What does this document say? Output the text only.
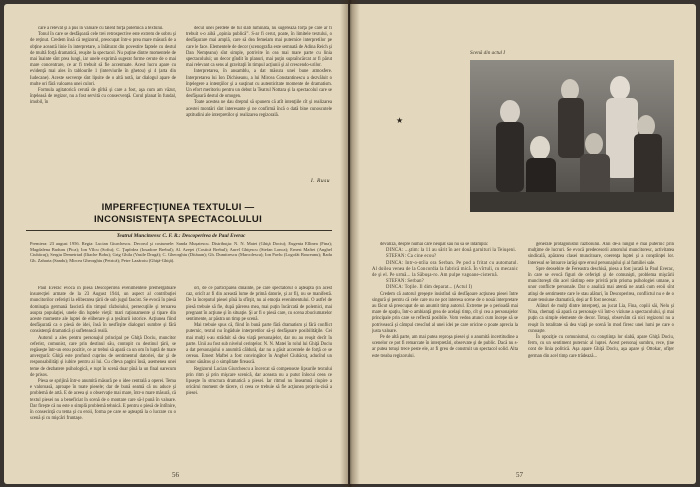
care a relevat şi a pus în valoare cu talent forţa polemică a textului.

Tonul în care se desfăşoară cele trei retrospective este extrem de sobru şi de reţinut. Credem însă că regizorul, preocupat într-o prea mare măsură de a obţine această linie în interpretare, a înlăturat din povestire faptele cu destul de multă forţă dramatică, reuşite la spectacol. Nu puţine dintre momentele de mai înainte sînt prea lungi, iar unele exprimă sugerat forme cerute de o mai mare concentrare, ce ar fi trebuit să fie accentuate. Acest lucru apare cu evidenţă mai ales în tablourile 1 (interviurile în ghetou) şi 4 (arta din Iudecane). Aceste secvenţe sînt lipsite de o altă notă, iar dialogul apare de multe ori fără valoarea unei culori.

Formula agitatorică cerută de gîrbă şi care a fost, aşa cum am văzut, înţeleasă de regizor, nu a fost servită cu consecvenţă. Corul planat în fundal, imobil, în

decul unei perdele de tul slab luminată, nu sugerează forţa pe care ar fi trebuit s-o aibă „opinia publică”. S-ar fi cerut, poate, în limitele textului, o desfăşurare mai amplă, care să dea femeiam mai puternice interpretilor pe care le face. Elementele de decor (scenografia este semnată de Adina Reich şi Dan Nemţeanu) sînt simple, potrivite în cea mai mare parte cu linia spectacolului; un decor gîndit în planuri, mai puţin supraîncărcat ar fi părut mai relevant ca sens al gravitaţii în timpul acţiunii şi al crescendo-urilor.

Interpretarea, în ansamblu, a dat măsura unei bune atmosfere. Interpretarea lui Ion Dichiseanu, a lui Mircea Constantinescu a dezvăluit o înţelegere a intenţiilor şi a susţinut cu autenticitate momente de dramatism. Un efort meritoriu pentru un debut la Teatrul Nottara şi la spectacolul care se desfăşoară destul de omogen.

Toate acestea ne dau dreptul să spunem că atît intenţiile cît şi realizarea acestei montări sînt interesante şi ne confirmă încă o dată bine cunoscutele aptitudini ale interpretilor şi realizarea regizorală.

I. Rusu
IMPERFECŢIUNEA TEXTULUI —
INCONSISTENŢA SPECTACOLULUI
Teatrul Muncitoresc C. F. R.: Descoperirea de Paul Everac
Premiera: 23 august 1956. Regia: Lucian Giurchescu. Decorul şi costumele: Sanda Mușatescu. Distribuţia: N. N. Matei (Ghiţă Dociu); Eugenia Ellinea (Fina); Magdalena Buduru (Pica); Ion Vîlcu (Sofiu); C. Ţapîrdea (Iosadore Brebul); Al. Azeţei (Costică Brebul); Aurel Ghiţescu (Stefan Lonca); Ernest Maftei (Anghel Ciubăcuţ); Sergiu Demetriad (Iliache Bobu); Grig Ghila (Vasile Drugă); C. Gheorghiu (Dităuan); Gh. Dumitrescu (Marcolescu); Ion Pavlu (Logofăt Boureanu); Radu Gh. Zaharia (Sandu); Mircea Gheorghiu (Petrică); Petre Lazăroiu (Ghiţă-Ghiţă).

Paul Everac evocă în piesa Descoperirea evenimentele premergătoare insurecţiei armate de la 23 August 1944, un aspect al contribuţiei muncitorilor ceferişti la eliberarea ţării de sub jugul fascist. Se evocă în piesă dominaţia germană fascistă din timpul războiului, persecuţiile şi teroarea asupra populaţiei, unele din luptele vieţii: mari raţionamente şi tipare din aceste momente ale luptei de eliberare şi a ţesăturii istorice. Acţiunea fiind desfăşurată ca o piesă de idei, însă în nesfîrşite dialoguri sumbre şi fără consistenţă dramatică şi sufletească reală.

Autorul a ales pentru personajul principal pe Ghiţă Dociu, muncitor ceferist, comunist, care prin destinul său, contopit cu destinul ţării, se regăseşte într-un erou pozitiv, ce ar trebui să apară ca un om în luptă de mare anvergură: Ghiţă este profund cuprins de sentimentul datoriei, dar şi de responsabilităţi şi iubire pentru ai lui. Cu cîteva pagini însă, asemenea unei teme de dezbatere psihologică, e rupt în scenă doar pînă la un final oarecum de prisos.

Piesa se sprijină într-o anumită măsură pe o idee centrală a operei. Tema e valoroasă, aproape în toate piesele; dar de bună seamă că nu aduce şi problemă de artă. E de aceea şi o observaţie mai mare, într-o mare măsură, că textul piesei nu a beneficiat în scenă de o montare care să-l pună în valoare. Dar fireşte că nu este o simplă problemă tehnică. E pentru o piesă de întîlnire, în consecinţă cu tema şi cu eroii, forma pe care se aşteaptă la o lucrare cu o scenă şi cu mişcări fruntaşe.

ori, de ce participarea dinainte, pe care spectatorul o aşteaptă (în acest caz, oricît ar fi din această lume de primă datorie, şi ar fi), nu se manifestă. De la începutul piesei pînă la sfîrşit, nu ai emoţia evenimentului. O astfel de piesă trebuie să fie, după părerea mea, mai puţin încărcată de polemici, mai pregnant în acţiune şi în situaţie. Şi ar fi o piesă care, cu scena zbuciumatelor sentimente, ar păstra un timp pe scenă.

Mai trebuie spus că, fiind în bună parte fără dramatism şi fără conflict puternic, textul nu îngăduie interpretilor să-şi desfăşoare posibilităţile. Cei mai mulţi s-au străduit să dea viaţă personajelor, dar nu au reuşit decît în parte. Unii au fost sub nivelul cerinţelor. N. N. Matei în rolul lui Ghiţă Dociu a dat personajului o anumită căldură, dar nu a găsit accentele de forţă ce se cereau. Ernest Maftei a fost convingător în Anghel Ciubăcuţ, aducînd un umor sănătos şi o simplitate firească.

Regizorul Lucian Giurchescu a încercat să compenseze lipsurile textului prin ritm şi prin mişcare scenică, dar aceasta nu a putut înlocui ceea ce lipseşte în structura dramatică a piesei. Iar ritmul nu înseamnă ciupire a oricărui moment de tăcere, ci ceea ce trebuie să fie acţiunea propriu-zisă a piesei.

56
★
Scenă din actul I

devalizâ, despre numai care neupat sau nu să se intâmplă:

DINCA: ...ştim: la 11 au sărit în aer două garnituri la Teiuşeni.

STEFAN: Ca cine ecou?

DINCA: Intr-o-ntîia ora Serban. Pe pod a fritat cu automatul. Al doilea venea de la Concordia la fabrică mică. În vîrtuli, cu mecanic de şi el. Pe urmă... la Săbuşa-ro. Am pulpe vagoane-cisternă.

STEFAN: Serban?

DINCA: Toţile. Il dim deparat... (Actul I)

Credem că autorul greşeşte insistînd să desfăşoare acţiunea piesei între singură şi pentru că cele care nu ne pot interesa scene de o nouă interpretare au făcut să preocupat de un anumit timp autorul. Extreme pe o perioadă mai mare de spaţiu, într-o ambianţă grea de acelaşi timp, cît şi cea a personajelor principale prin care se reflectă posibile. Vom vedea atunci cum începe să se potrivească şi câmpul crescînd al unei idei pe care oricine o poate aprecia la justa valoare.

Pe de altă parte, am mai putea reproşa piesei şi o anumită incertitudine a scenelor ce pot fi remarcate în interpretări, observate şi de public. Dacă nu s-ar putea totuşi trece peste ele, ar fi greu de construit un spectacol solid. Alta este treaba regizorului.

generale protagonistul războiului. Anii de-a lungul e mai puternic prin mulţime de lucruri. Se evocă predecesorii amorului muncitoresc, activitatea sindicală, apărarea clasei muncitoare, coerenţa luptei şi a conştiinţei lor. Interesul se întoarce iarăşi spre eroul personajului şi al familiei sale.

Spre deosebire de Fereastra deschisă, piesa a fost jucată la Paul Everac, în care se evocă figuri de ceferişti şi de comunişti, problema mişcării muncitoreşti din acel răstimp este privită prin prisma psihologiei umane, a unor conflicte personale. Dar o analiză mai atentă ne arată cum eroii sînt atinşi de sentimente care le stau alături, în Descoperirea, conflictul nu e de o mare tensiune dramatică, deşi ar fi fost necesar.

Alături de mulţi dintre interpreţi, au jucat Lia, Fina, copiii săi, Nelu şi Nina, chemaţi să apară ca personaje vii într-o viziune a spectacolului, şi mai puţin ca simple elemente de decor. Totuşi, observăm că nici regizorul nu a reuşit în totalitate să dea viaţă pe scenă în mod firesc unei lumi pe care o cunoaşte.

În opoziţie cu comunismul, cu conştiinţa lor slabă, apare Ghiţă Dociu, ferm, cu un sentiment puternic al luptei. Acest personaj sumbru, rece, ţine cont de linia politică. Aşa apare Ghiţă Dociu, aşa apare şi Ottokar, ofiţer german din acel timp care trădează...

57
